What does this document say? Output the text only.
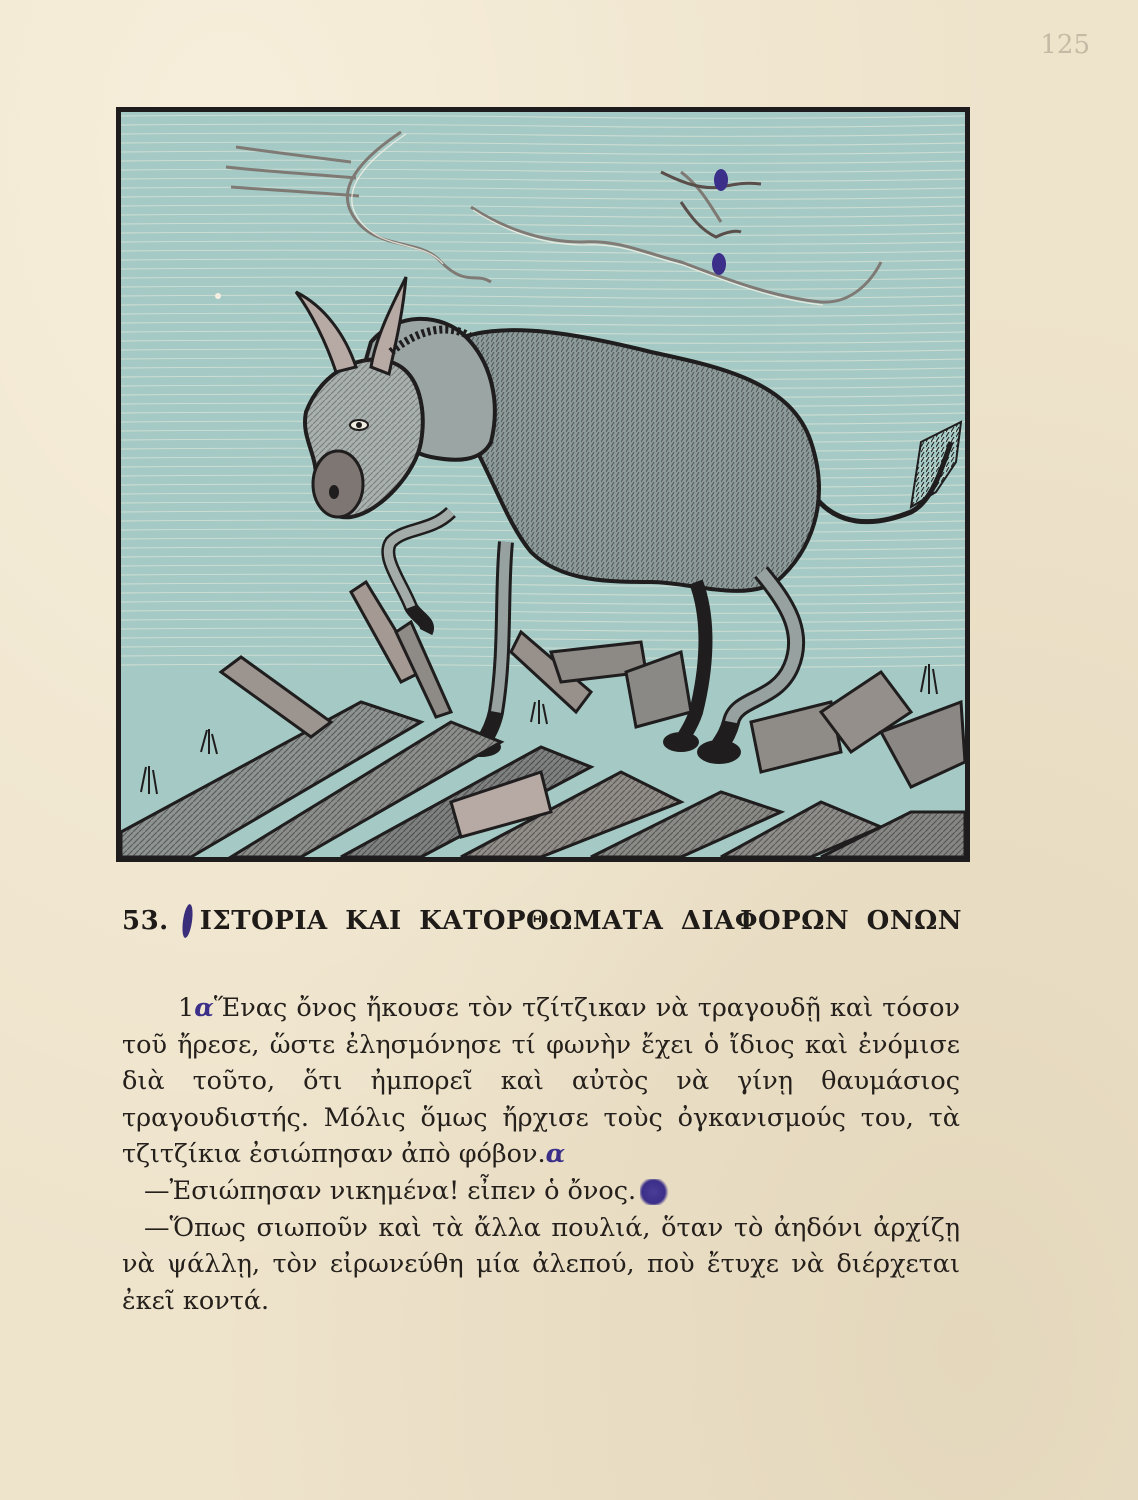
125
53. ΙΣΤΟΡΙΑ ΚΑΙ ΚΑΤΟΡΘΩΜΑΤΑ ΔΙΑΦΟΡΩΝ ΟΝΩΝ

1αἝνας ὄνος ἤκουσε τὸν τζίτζικαν νὰ τραγουδῇ καὶ τόσον τοῦ ἤρεσε, ὥστε ἐλησμόνησε τί φωνὴν ἔχει ὁ ἴδιος καὶ ἐνόμισε διὰ τοῦτο, ὅτι ἠμπορεῖ καὶ αὐτὸς νὰ γίνῃ θαυμάσιος τραγουδιστής. Μόλις ὅμως ἤρχισε τοὺς ὀγκανισμούς του, τὰ τζιτζίκια ἐσιώπησαν ἀπὸ φόβον.α

—Ἐσιώπησαν νικημένα! εἶπεν ὁ ὄνος.

—Ὅπως σιωποῦν καὶ τὰ ἄλλα πουλιά, ὅταν τὸ ἀηδόνι ἀρχίζῃ νὰ ψάλλῃ, τὸν εἰρωνεύθη μία ἀλεπού, ποὺ ἔτυχε νὰ διέρχεται ἐκεῖ κοντά.
